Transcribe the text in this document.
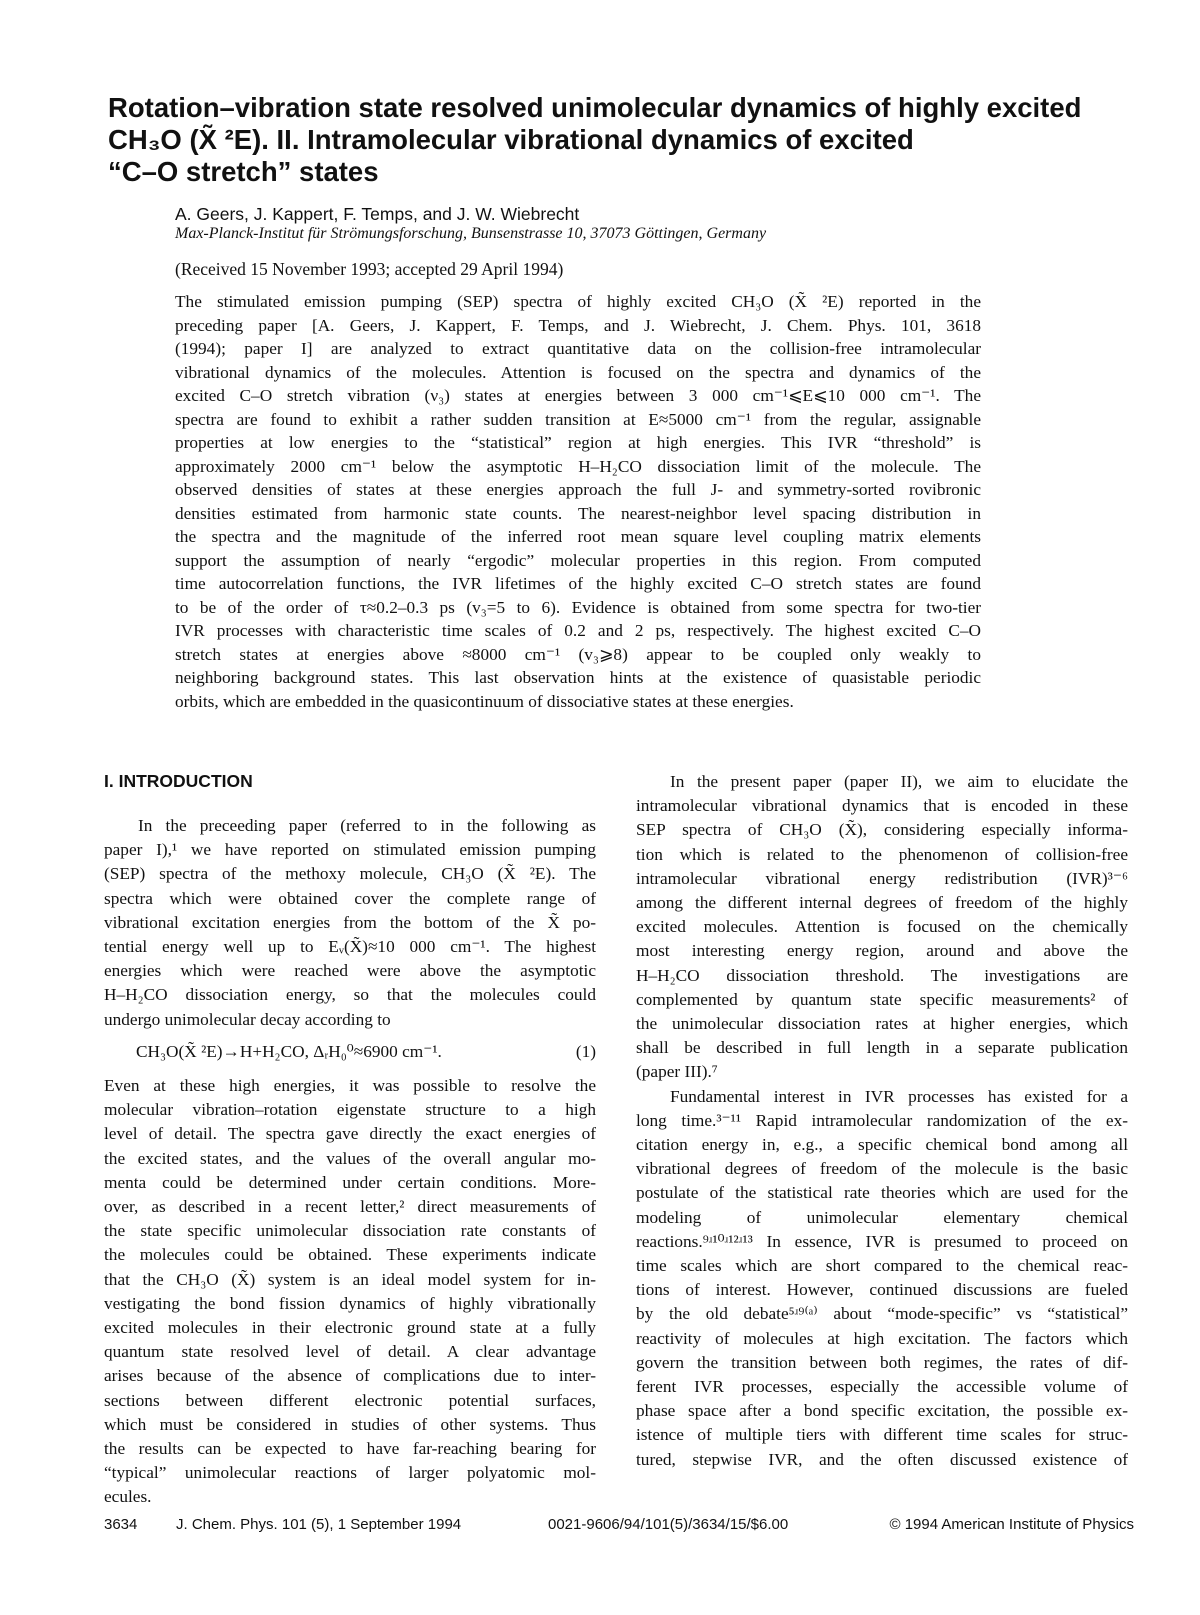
Rotation–vibration state resolved unimolecular dynamics of highly excited
CH₃O (X̃ ²E). II. Intramolecular vibrational dynamics of excited
“C–O stretch” states
A. Geers, J. Kappert, F. Temps, and J. W. Wiebrecht
Max-Planck-Institut für Strömungsforschung, Bunsenstrasse 10, 37073 Göttingen, Germany
(Received 15 November 1993; accepted 29 April 1994)
The stimulated emission pumping (SEP) spectra of highly excited CH₃O (X̃ ²E) reported in the
preceding paper [A. Geers, J. Kappert, F. Temps, and J. Wiebrecht, J. Chem. Phys. 101, 3618
(1994); paper I] are analyzed to extract quantitative data on the collision-free intramolecular
vibrational dynamics of the molecules. Attention is focused on the spectra and dynamics of the
excited C–O stretch vibration (ν₃) states at energies between 3 000 cm⁻¹⩽E⩽10 000 cm⁻¹. The
spectra are found to exhibit a rather sudden transition at E≈5000 cm⁻¹ from the regular, assignable
properties at low energies to the “statistical” region at high energies. This IVR “threshold” is
approximately 2000 cm⁻¹ below the asymptotic H–H₂CO dissociation limit of the molecule. The
observed densities of states at these energies approach the full J- and symmetry-sorted rovibronic
densities estimated from harmonic state counts. The nearest-neighbor level spacing distribution in
the spectra and the magnitude of the inferred root mean square level coupling matrix elements
support the assumption of nearly “ergodic” molecular properties in this region. From computed
time autocorrelation functions, the IVR lifetimes of the highly excited C–O stretch states are found
to be of the order of τ≈0.2–0.3 ps (v₃=5 to 6). Evidence is obtained from some spectra for two-tier
IVR processes with characteristic time scales of 0.2 and 2 ps, respectively. The highest excited C–O
stretch states at energies above ≈8000 cm⁻¹ (v₃⩾8) appear to be coupled only weakly to
neighboring background states. This last observation hints at the existence of quasistable periodic
orbits, which are embedded in the quasicontinuum of dissociative states at these energies.
I. INTRODUCTION
In the preceeding paper (referred to in the following as
paper I),¹ we have reported on stimulated emission pumping
(SEP) spectra of the methoxy molecule, CH₃O (X̃ ²E). The
spectra which were obtained cover the complete range of
vibrational excitation energies from the bottom of the X̃ po-
tential energy well up to Eᵥ(X̃)≈10 000 cm⁻¹. The highest
energies which were reached were above the asymptotic
H–H₂CO dissociation energy, so that the molecules could
undergo unimolecular decay according to
CH₃O(X̃ ²E)→H+H₂CO, ΔᵣH₀⁰≈6900 cm⁻¹.	(1)
Even at these high energies, it was possible to resolve the
molecular vibration–rotation eigenstate structure to a high
level of detail. The spectra gave directly the exact energies of
the excited states, and the values of the overall angular mo-
menta could be determined under certain conditions. More-
over, as described in a recent letter,² direct measurements of
the state specific unimolecular dissociation rate constants of
the molecules could be obtained. These experiments indicate
that the CH₃O (X̃) system is an ideal model system for in-
vestigating the bond fission dynamics of highly vibrationally
excited molecules in their electronic ground state at a fully
quantum state resolved level of detail. A clear advantage
arises because of the absence of complications due to inter-
sections between different electronic potential surfaces,
which must be considered in studies of other systems. Thus
the results can be expected to have far-reaching bearing for
“typical” unimolecular reactions of larger polyatomic mol-
ecules.
In the present paper (paper II), we aim to elucidate the
intramolecular vibrational dynamics that is encoded in these
SEP spectra of CH₃O (X̃), considering especially informa-
tion which is related to the phenomenon of collision-free
intramolecular vibrational energy redistribution (IVR)³⁻⁶
among the different internal degrees of freedom of the highly
excited molecules. Attention is focused on the chemically
most interesting energy region, around and above the
H–H₂CO dissociation threshold. The investigations are
complemented by quantum state specific measurements² of
the unimolecular dissociation rates at higher energies, which
shall be described in full length in a separate publication
(paper III).⁷
Fundamental interest in IVR processes has existed for a
long time.³⁻¹¹ Rapid intramolecular randomization of the ex-
citation energy in, e.g., a specific chemical bond among all
vibrational degrees of freedom of the molecule is the basic
postulate of the statistical rate theories which are used for the
modeling of unimolecular elementary chemical
reactions.⁹ʴ¹⁰ʴ¹²ʴ¹³ In essence, IVR is presumed to proceed on
time scales which are short compared to the chemical reac-
tions of interest. However, continued discussions are fueled
by the old debate⁵ʴ⁹⁽ᵃ⁾ about “mode-specific” vs “statistical”
reactivity of molecules at high excitation. The factors which
govern the transition between both regimes, the rates of dif-
ferent IVR processes, especially the accessible volume of
phase space after a bond specific excitation, the possible ex-
istence of multiple tiers with different time scales for struc-
tured, stepwise IVR, and the often discussed existence of
3634	J. Chem. Phys. 101 (5), 1 September 1994	0021-9606/94/101(5)/3634/15/$6.00	© 1994 American Institute of Physics
